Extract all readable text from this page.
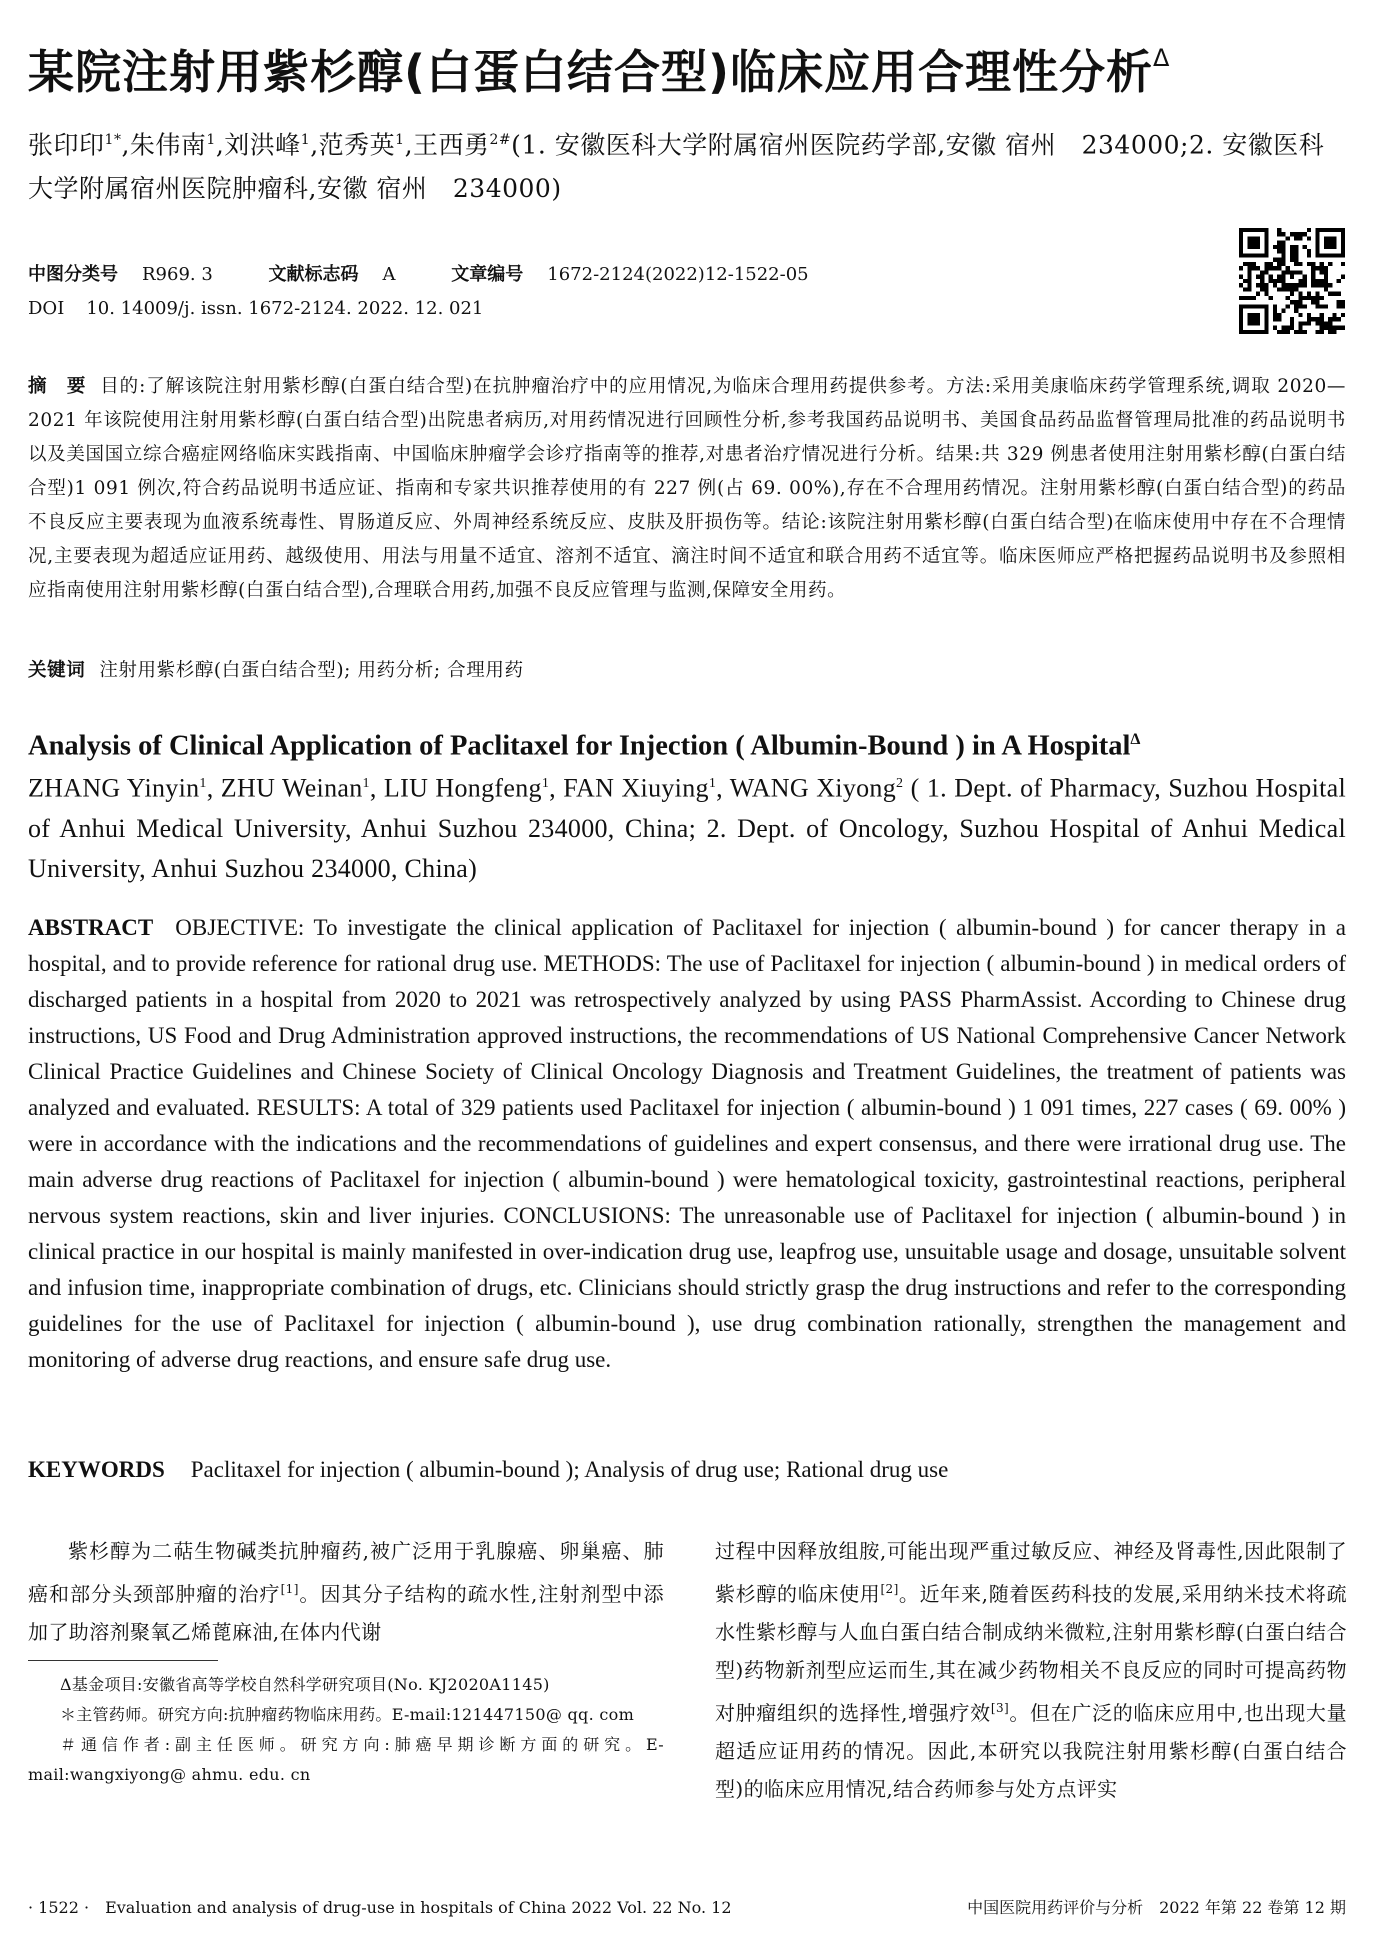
某院注射用紫杉醇(白蛋白结合型)临床应用合理性分析$^\Delta$
张印印$^{1*}$,朱伟南$^1$,刘洪峰$^1$,范秀英$^1$,王西勇$^{2\#}$(1. 安徽医科大学附属宿州医院药学部,安徽 宿州　234000;2. 安徽医科大学附属宿州医院肿瘤科,安徽 宿州　234000)
中图分类号 R969. 3	文献标志码 A	文章编号 1672-2124(2022)12-1522-05
DOI 10. 14009/j. issn. 1672-2124. 2022. 12. 021
摘　要 目的:了解该院注射用紫杉醇(白蛋白结合型)在抗肿瘤治疗中的应用情况,为临床合理用药提供参考。方法:采用美康临床药学管理系统,调取 2020—2021 年该院使用注射用紫杉醇(白蛋白结合型)出院患者病历,对用药情况进行回顾性分析,参考我国药品说明书、美国食品药品监督管理局批准的药品说明书以及美国国立综合癌症网络临床实践指南、中国临床肿瘤学会诊疗指南等的推荐,对患者治疗情况进行分析。结果:共 329 例患者使用注射用紫杉醇(白蛋白结合型)1 091 例次,符合药品说明书适应证、指南和专家共识推荐使用的有 227 例(占 69. 00%),存在不合理用药情况。注射用紫杉醇(白蛋白结合型)的药品不良反应主要表现为血液系统毒性、胃肠道反应、外周神经系统反应、皮肤及肝损伤等。结论:该院注射用紫杉醇(白蛋白结合型)在临床使用中存在不合理情况,主要表现为超适应证用药、越级使用、用法与用量不适宜、溶剂不适宜、滴注时间不适宜和联合用药不适宜等。临床医师应严格把握药品说明书及参照相应指南使用注射用紫杉醇(白蛋白结合型),合理联合用药,加强不良反应管理与监测,保障安全用药。
关键词 注射用紫杉醇(白蛋白结合型); 用药分析; 合理用药
Analysis of Clinical Application of Paclitaxel for Injection ( Albumin-Bound ) in A Hospital$^\Delta$
ZHANG Yinyin$^1$, ZHU Weinan$^1$, LIU Hongfeng$^1$, FAN Xiuying$^1$, WANG Xiyong$^2$ ( 1. Dept. of Pharmacy, Suzhou Hospital of Anhui Medical University, Anhui Suzhou 234000, China; 2. Dept. of Oncology, Suzhou Hospital of Anhui Medical University, Anhui Suzhou 234000, China)
ABSTRACT OBJECTIVE: To investigate the clinical application of Paclitaxel for injection ( albumin-bound ) for cancer therapy in a hospital, and to provide reference for rational drug use. METHODS: The use of Paclitaxel for injection ( albumin-bound ) in medical orders of discharged patients in a hospital from 2020 to 2021 was retrospectively analyzed by using PASS PharmAssist. According to Chinese drug instructions, US Food and Drug Administration approved instructions, the recommendations of US National Comprehensive Cancer Network Clinical Practice Guidelines and Chinese Society of Clinical Oncology Diagnosis and Treatment Guidelines, the treatment of patients was analyzed and evaluated. RESULTS: A total of 329 patients used Paclitaxel for injection ( albumin-bound ) 1 091 times, 227 cases ( 69. 00% ) were in accordance with the indications and the recommendations of guidelines and expert consensus, and there were irrational drug use. The main adverse drug reactions of Paclitaxel for injection ( albumin-bound ) were hematological toxicity, gastrointestinal reactions, peripheral nervous system reactions, skin and liver injuries. CONCLUSIONS: The unreasonable use of Paclitaxel for injection ( albumin-bound ) in clinical practice in our hospital is mainly manifested in over-indication drug use, leapfrog use, unsuitable usage and dosage, unsuitable solvent and infusion time, inappropriate combination of drugs, etc. Clinicians should strictly grasp the drug instructions and refer to the corresponding guidelines for the use of Paclitaxel for injection ( albumin-bound ), use drug combination rationally, strengthen the management and monitoring of adverse drug reactions, and ensure safe drug use.
KEYWORDS Paclitaxel for injection ( albumin-bound ); Analysis of drug use; Rational drug use

紫杉醇为二萜生物碱类抗肿瘤药,被广泛用于乳腺癌、卵巢癌、肺癌和部分头颈部肿瘤的治疗[1]。因其分子结构的疏水性,注射剂型中添加了助溶剂聚氧乙烯蓖麻油,在体内代谢

Δ基金项目:安徽省高等学校自然科学研究项目(No. KJ2020A1145)

＊主管药师。研究方向:抗肿瘤药物临床用药。E-mail:121447150@ qq. com

＃通信作者:副主任医师。研究方向:肺癌早期诊断方面的研究。E-mail:wangxiyong@ ahmu. edu. cn

过程中因释放组胺,可能出现严重过敏反应、神经及肾毒性,因此限制了紫杉醇的临床使用[2]。近年来,随着医药科技的发展,采用纳米技术将疏水性紫杉醇与人血白蛋白结合制成纳米微粒,注射用紫杉醇(白蛋白结合型)药物新剂型应运而生,其在减少药物相关不良反应的同时可提高药物对肿瘤组织的选择性,增强疗效[3]。但在广泛的临床应用中,也出现大量超适应证用药的情况。因此,本研究以我院注射用紫杉醇(白蛋白结合型)的临床应用情况,结合药师参与处方点评实

· 1522 ·　Evaluation and analysis of drug-use in hospitals of China 2022 Vol. 22 No. 12	中国医院用药评价与分析　2022 年第 22 卷第 12 期
